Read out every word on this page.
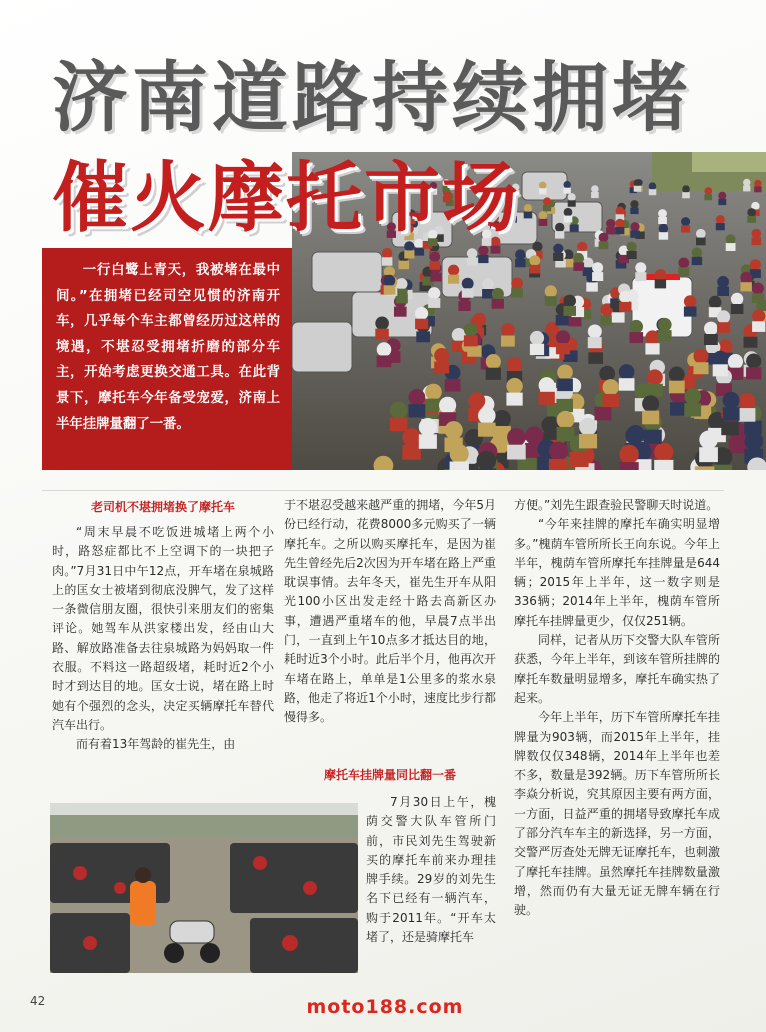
济南道路持续拥堵
催火摩托市场

一行白鹭上青天，我被堵在最中间。”在拥堵已经司空见惯的济南开车，几乎每个车主都曾经历过这样的境遇，不堪忍受拥堵折磨的部分车主，开始考虑更换交通工具。在此背景下，摩托车今年备受宠爱，济南上半年挂牌量翻了一番。

老司机不堪拥堵换了摩托车

“周末早晨不吃饭进城堵上两个小时，路怒症都比不上空调下的一块把子肉。”7月31日中午12点，开车堵在泉城路上的匡女士被堵到彻底没脾气，发了这样一条微信朋友圈，很快引来朋友们的密集评论。她驾车从洪家楼出发，经由山大路、解放路准备去往泉城路为妈妈取一件衣服。不料这一路超级堵，耗时近2个小时才到达目的地。匡女士说，堵在路上时她有个强烈的念头，决定买辆摩托车替代汽车出行。

而有着13年驾龄的崔先生，由

于不堪忍受越来越严重的拥堵，今年5月份已经行动，花费8000多元购买了一辆摩托车。之所以购买摩托车，是因为崔先生曾经先后2次因为开车堵在路上严重耽误事情。去年冬天，崔先生开车从阳光100小区出发走经十路去高新区办事，遭遇严重堵车的他，早晨7点半出门，一直到上午10点多才抵达目的地，耗时近3个小时。此后半个月，他再次开车堵在路上，单单是1公里多的浆水泉路，他走了将近1个小时，速度比步行都慢得多。

摩托车挂牌量同比翻一番

7月30日上午，槐荫交警大队车管所门前，市民刘先生驾驶新买的摩托车前来办理挂牌手续。29岁的刘先生名下已经有一辆汽车，购于2011年。“开车太堵了，还是骑摩托车

方便。”刘先生跟查验民警聊天时说道。

“今年来挂牌的摩托车确实明显增多。”槐荫车管所所长王向东说。今年上半年，槐荫车管所摩托车挂牌量是644辆；2015年上半年，这一数字则是336辆；2014年上半年，槐荫车管所摩托车挂牌量更少，仅仅251辆。

同样，记者从历下交警大队车管所获悉，今年上半年，到该车管所挂牌的摩托车数量明显增多，摩托车确实热了起来。

今年上半年，历下车管所摩托车挂牌量为903辆，而2015年上半年，挂牌数仅仅348辆，2014年上半年也差不多，数量是392辆。历下车管所所长李焱分析说，究其原因主要有两方面，一方面，日益严重的拥堵导致摩托车成了部分汽车车主的新选择，另一方面，交警严厉查处无牌无证摩托车，也刺激了摩托车挂牌。虽然摩托车挂牌数量激增，然而仍有大量无证无牌车辆在行驶。

42	moto188.com
